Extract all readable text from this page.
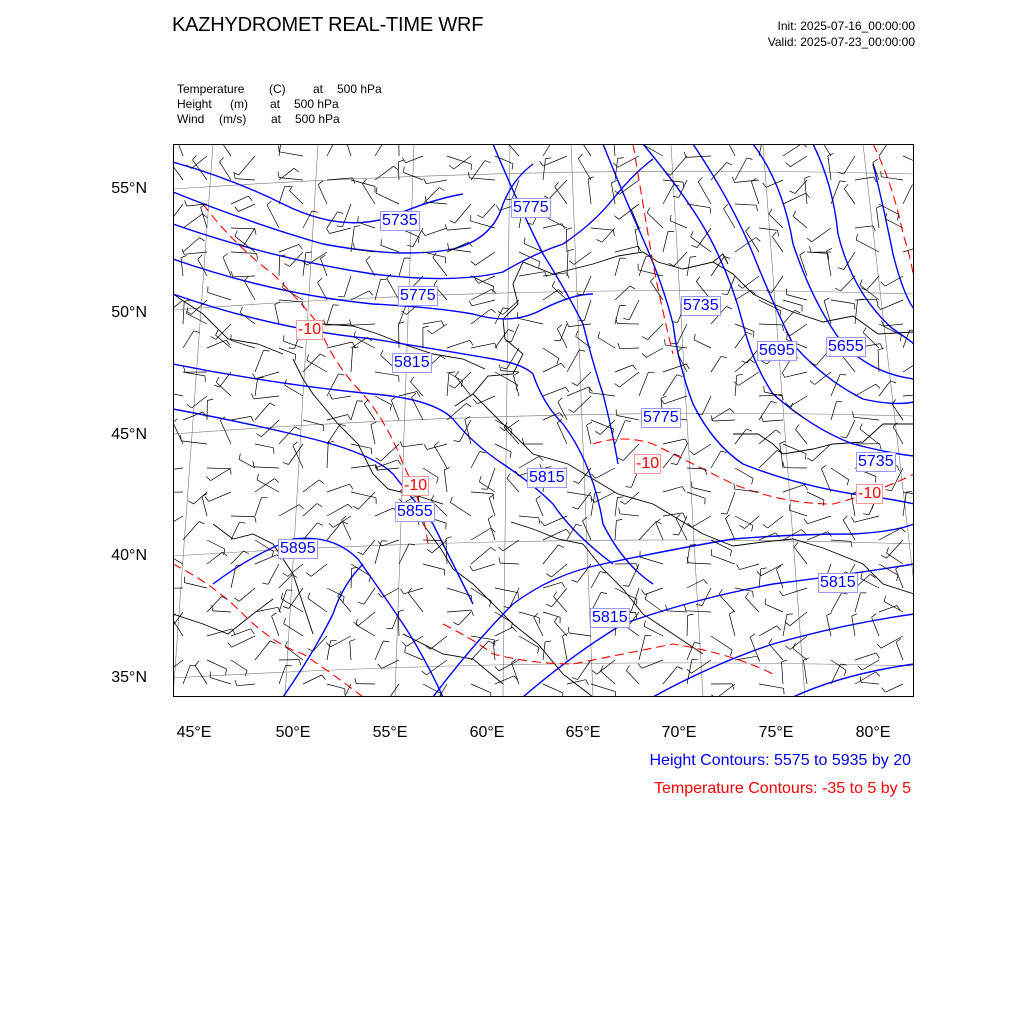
KAZHYDROMET REAL-TIME WRF	Init: 2025-07-16_00:00:00
Valid: 2025-07-23_00:00:00
Temperature (C) at 500 hPa
Height (m) at 500 hPa
Wind (m/s) at 500 hPa
5735
5775
5775
5815
5735
5695 5655
5775
5815
5855
5895
5815
5815
5735
-10
-10
-10	-10
55°N
50°N
45°N
40°N
35°N
45°E	50°E	55°E	60°E	65°E	70°E	75°E	80°E
Height Contours: 5575 to 5935 by 20
Temperature Contours: -35 to 5 by 5
